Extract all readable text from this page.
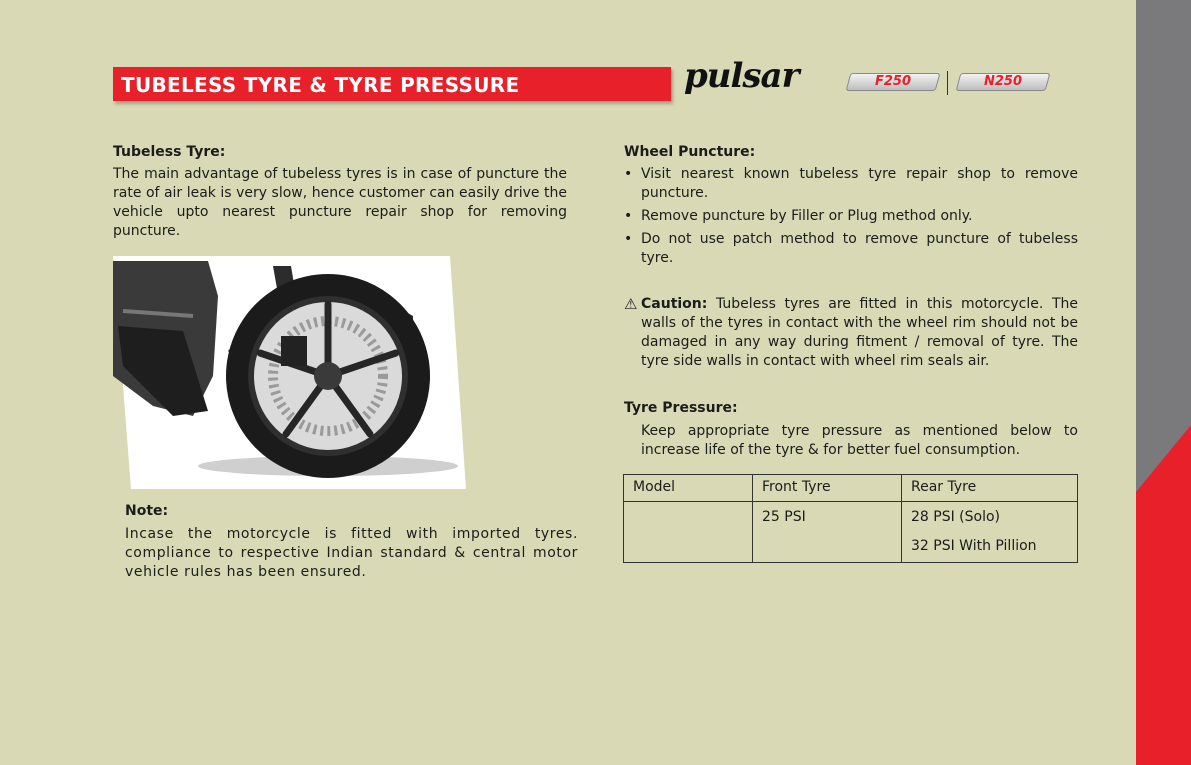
TUBELESS TYRE & TYRE PRESSURE	pulsar	F250	N250
Tubeless Tyre:
The main advantage of tubeless tyres is in case of puncture the rate of air leak is very slow, hence customer can easily drive the vehicle upto nearest puncture repair shop for removing puncture.
Note:
Incase the motorcycle is fitted with imported tyres. compliance to respective Indian standard & central motor vehicle rules has been ensured.
Wheel Puncture:
• Visit nearest known tubeless tyre repair shop to remove puncture.
• Remove puncture by Filler or Plug method only.
• Do not use patch method to remove puncture of tubeless tyre.
⚠ Caution: Tubeless tyres are fitted in this motorcycle. The walls of the tyres in contact with the wheel rim should not be damaged in any way during fitment / removal of tyre. The tyre side walls in contact with wheel rim seals air.
Tyre Pressure:
Keep appropriate tyre pressure as mentioned below to increase life of the tyre & for better fuel consumption.
Model	Front Tyre	Rear Tyre
	25 PSI	28 PSI (Solo)
32 PSI With Pillion
